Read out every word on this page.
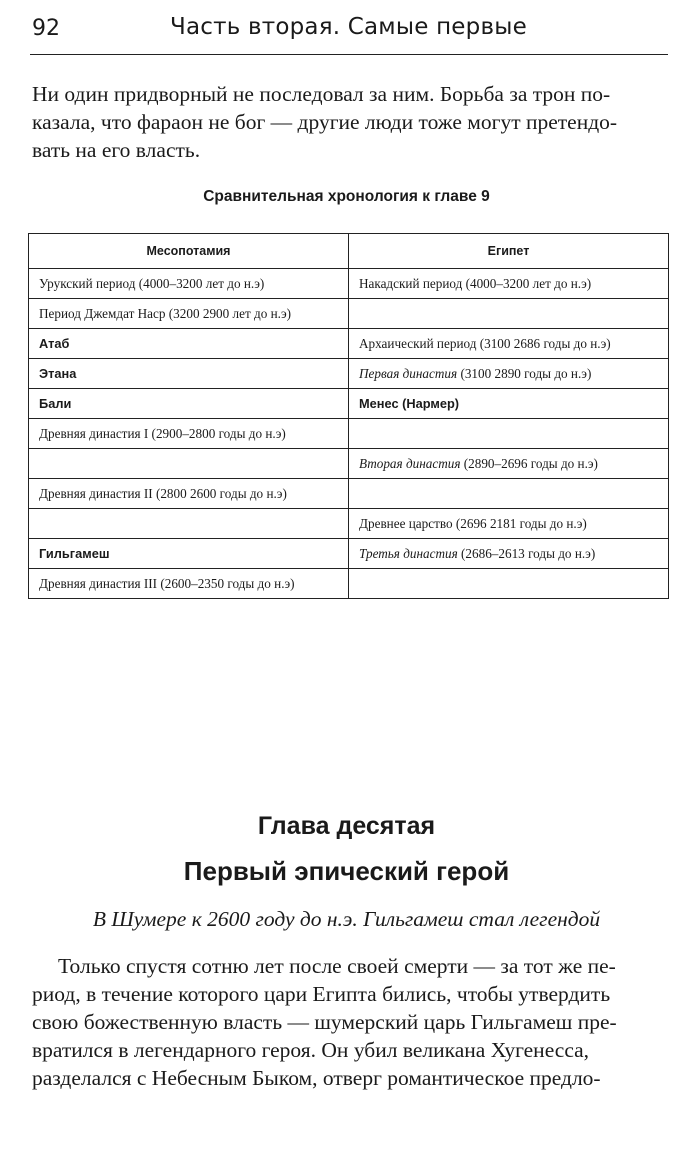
92	Часть вторая. Самые первые
Ни один придворный не последовал за ним. Борьба за трон по-
казала, что фараон не бог — другие люди тоже могут претендо-
вать на его власть.
Сравнительная хронология к главе 9
Месопотамия	Египет
Урукский период (4000–3200 лет до н.э)	Накадский период (4000–3200 лет до н.э)
Период Джемдат Наср (3200 2900 лет до н.э)	
Атаб	Архаический период (3100 2686 годы до н.э)
Этана	Первая династия (3100 2890 годы до н.э)
Бали	Менес (Нармер)
Древняя династия I (2900–2800 годы до н.э)	
	Вторая династия (2890–2696 годы до н.э)
Древняя династия II (2800 2600 годы до н.э)	
	Древнее царство (2696 2181 годы до н.э)
Гильгамеш	Третья династия (2686–2613 годы до н.э)
Древняя династия III (2600–2350 годы до н.э)	
Глава десятая
Первый эпический герой
В Шумере к 2600 году до н.э. Гильгамеш стал легендой
Только спустя сотню лет после своей смерти — за тот же пе-
риод, в течение которого цари Египта бились, чтобы утвердить
свою божественную власть — шумерский царь Гильгамеш пре-
вратился в легендарного героя. Он убил великана Хугенесса,
разделался с Небесным Быком, отверг романтическое предло-
